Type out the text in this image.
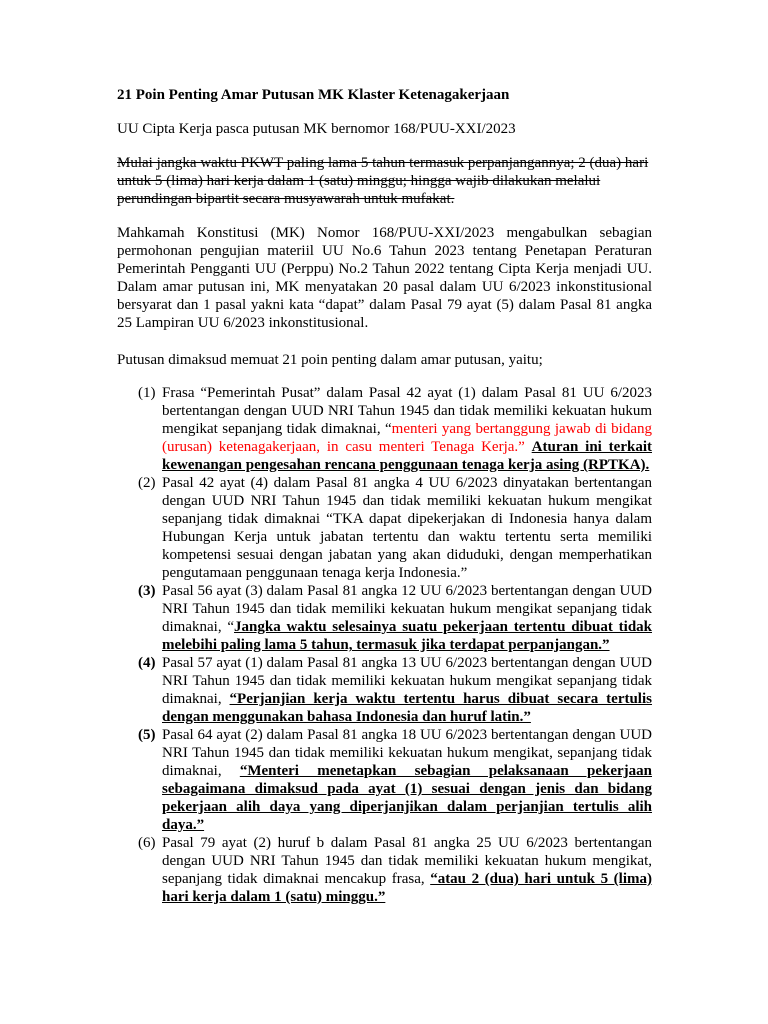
21 Poin Penting Amar Putusan MK Klaster Ketenagakerjaan

UU Cipta Kerja pasca putusan MK bernomor 168/PUU-XXI/2023

Mulai jangka waktu PKWT paling lama 5 tahun termasuk perpanjangannya; 2 (dua) hari untuk 5 (lima) hari kerja dalam 1 (satu) minggu; hingga wajib dilakukan melalui perundingan bipartit secara musyawarah untuk mufakat.

Mahkamah Konstitusi (MK) Nomor 168/PUU-XXI/2023 mengabulkan sebagian permohonan pengujian materiil UU No.6 Tahun 2023 tentang Penetapan Peraturan Pemerintah Pengganti UU (Perppu) No.2 Tahun 2022 tentang Cipta Kerja menjadi UU. Dalam amar putusan ini, MK menyatakan 20 pasal dalam UU 6/2023 inkonstitusional bersyarat dan 1 pasal yakni kata “dapat” dalam Pasal 79 ayat (5) dalam Pasal 81 angka 25 Lampiran UU 6/2023 inkonstitusional.

Putusan dimaksud memuat 21 poin penting dalam amar putusan, yaitu;

(1) Frasa “Pemerintah Pusat” dalam Pasal 42 ayat (1) dalam Pasal 81 UU 6/2023 bertentangan dengan UUD NRI Tahun 1945 dan tidak memiliki kekuatan hukum mengikat sepanjang tidak dimaknai, “menteri yang bertanggung jawab di bidang (urusan) ketenagakerjaan, in casu menteri Tenaga Kerja.” Aturan ini terkait kewenangan pengesahan rencana penggunaan tenaga kerja asing (RPTKA).
(2) Pasal 42 ayat (4) dalam Pasal 81 angka 4 UU 6/2023 dinyatakan bertentangan dengan UUD NRI Tahun 1945 dan tidak memiliki kekuatan hukum mengikat sepanjang tidak dimaknai “TKA dapat dipekerjakan di Indonesia hanya dalam Hubungan Kerja untuk jabatan tertentu dan waktu tertentu serta memiliki kompetensi sesuai dengan jabatan yang akan diduduki, dengan memperhatikan pengutamaan penggunaan tenaga kerja Indonesia.”
(3) Pasal 56 ayat (3) dalam Pasal 81 angka 12 UU 6/2023 bertentangan dengan UUD NRI Tahun 1945 dan tidak memiliki kekuatan hukum mengikat sepanjang tidak dimaknai, “Jangka waktu selesainya suatu pekerjaan tertentu dibuat tidak melebihi paling lama 5 tahun, termasuk jika terdapat perpanjangan.”
(4) Pasal 57 ayat (1) dalam Pasal 81 angka 13 UU 6/2023 bertentangan dengan UUD NRI Tahun 1945 dan tidak memiliki kekuatan hukum mengikat sepanjang tidak dimaknai, “Perjanjian kerja waktu tertentu harus dibuat secara tertulis dengan menggunakan bahasa Indonesia dan huruf latin.”
(5) Pasal 64 ayat (2) dalam Pasal 81 angka 18 UU 6/2023 bertentangan dengan UUD NRI Tahun 1945 dan tidak memiliki kekuatan hukum mengikat, sepanjang tidak dimaknai, “Menteri menetapkan sebagian pelaksanaan pekerjaan sebagaimana dimaksud pada ayat (1) sesuai dengan jenis dan bidang pekerjaan alih daya yang diperjanjikan dalam perjanjian tertulis alih daya.”
(6) Pasal 79 ayat (2) huruf b dalam Pasal 81 angka 25 UU 6/2023 bertentangan dengan UUD NRI Tahun 1945 dan tidak memiliki kekuatan hukum mengikat, sepanjang tidak dimaknai mencakup frasa, “atau 2 (dua) hari untuk 5 (lima) hari kerja dalam 1 (satu) minggu.”
